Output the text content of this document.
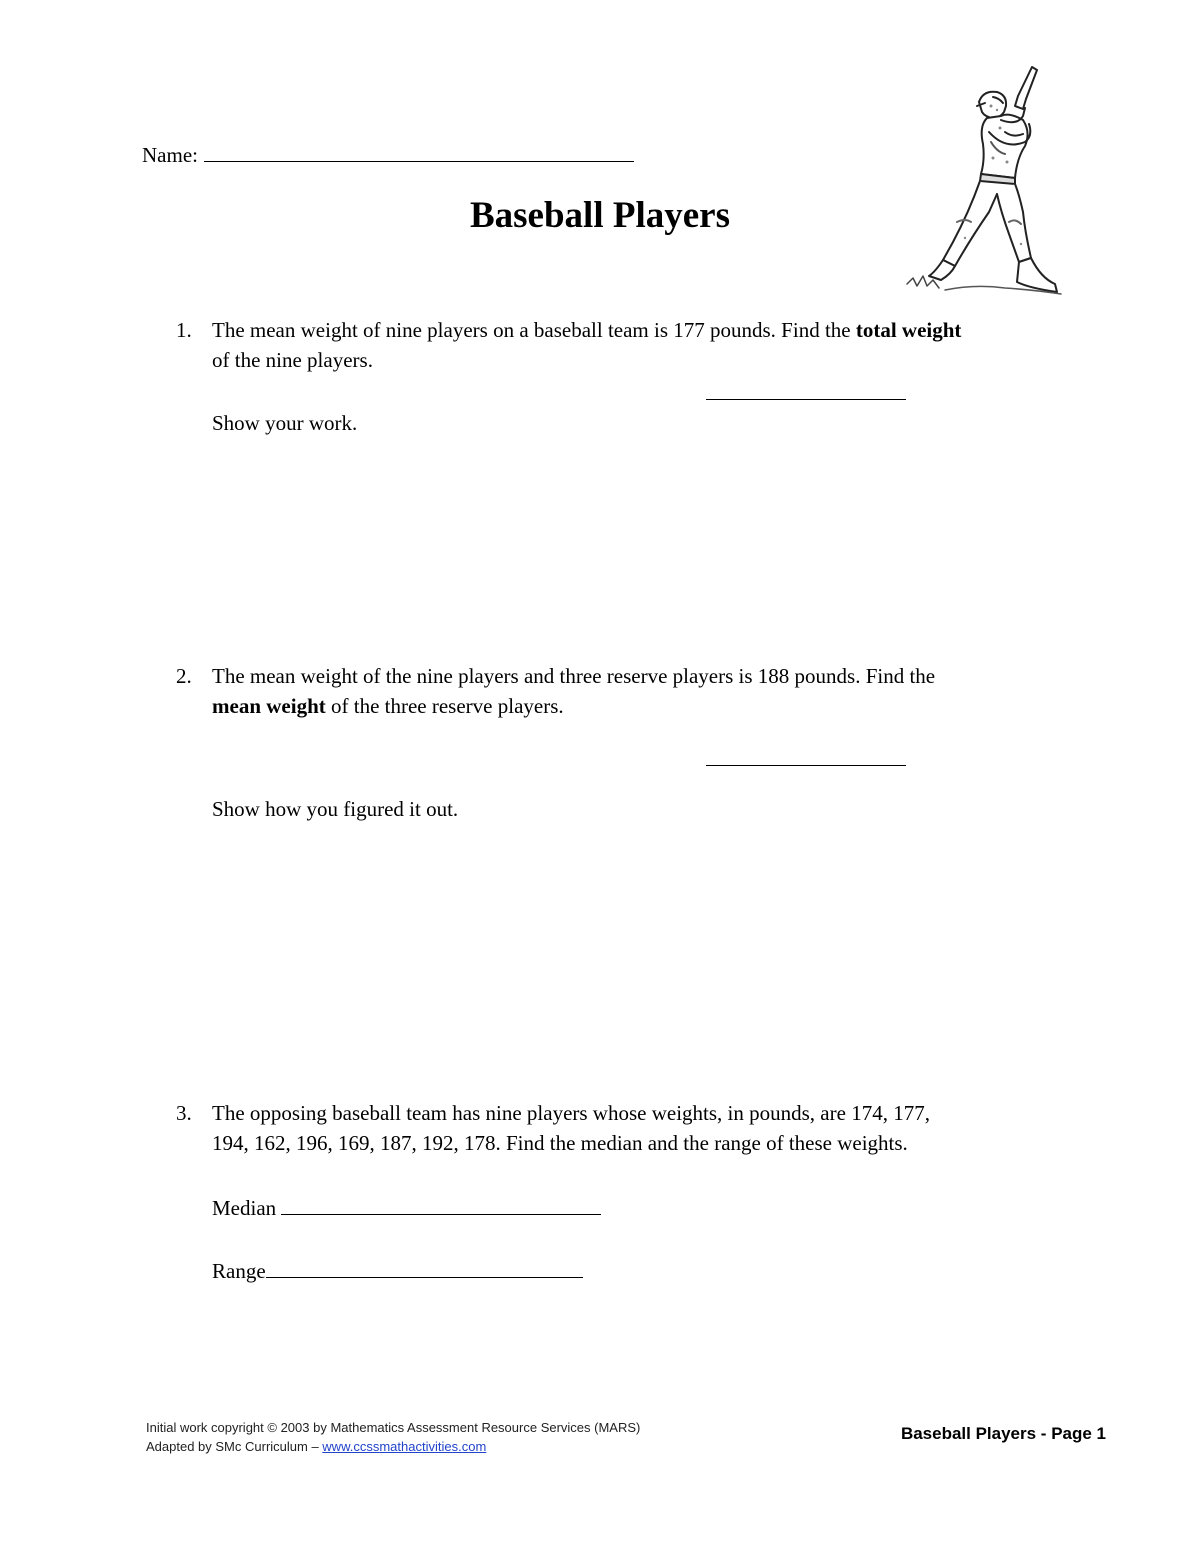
Name:
Baseball Players
1. The mean weight of nine players on a baseball team is 177 pounds. Find the total weight
of the nine players.
Show your work.
2. The mean weight of the nine players and three reserve players is 188 pounds. Find the
mean weight of the three reserve players.
Show how you figured it out.
3. The opposing baseball team has nine players whose weights, in pounds, are 174, 177,
194, 162, 196, 169, 187, 192, 178. Find the median and the range of these weights.
Median
Range
Initial work copyright © 2003 by Mathematics Assessment Resource Services (MARS)
Adapted by SMc Curriculum – www.ccssmathactivities.com
Baseball Players - Page 1
